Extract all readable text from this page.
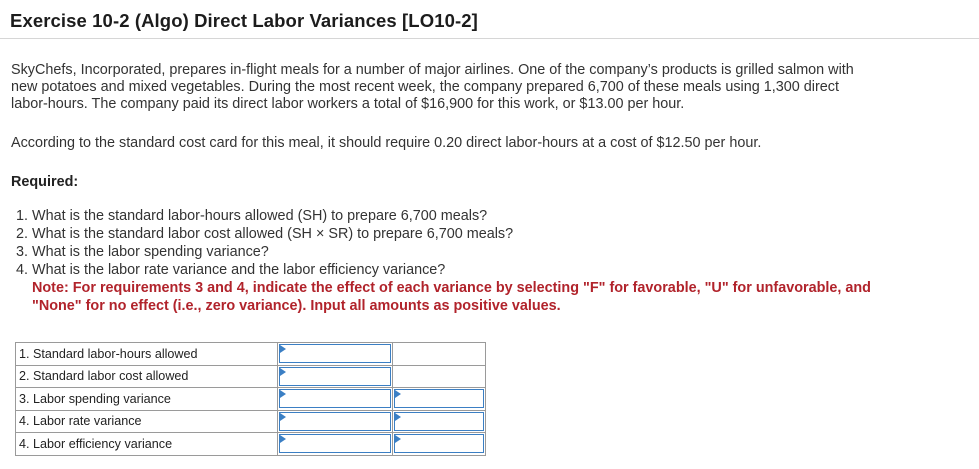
Exercise 10-2 (Algo) Direct Labor Variances [LO10-2]
SkyChefs, Incorporated, prepares in-flight meals for a number of major airlines. One of the company’s products is grilled salmon with
new potatoes and mixed vegetables. During the most recent week, the company prepared 6,700 of these meals using 1,300 direct
labor-hours. The company paid its direct labor workers a total of $16,900 for this work, or $13.00 per hour.
According to the standard cost card for this meal, it should require 0.20 direct labor-hours at a cost of $12.50 per hour.
Required:
1. What is the standard labor-hours allowed (SH) to prepare 6,700 meals?
2. What is the standard labor cost allowed (SH × SR) to prepare 6,700 meals?
3. What is the labor spending variance?
4. What is the labor rate variance and the labor efficiency variance?
Note: For requirements 3 and 4, indicate the effect of each variance by selecting "F" for favorable, "U" for unfavorable, and
"None" for no effect (i.e., zero variance). Input all amounts as positive values.
1. Standard labor-hours allowed	

2. Standard labor cost allowed	

3. Labor spending variance	

4. Labor rate variance	

4. Labor efficiency variance	
